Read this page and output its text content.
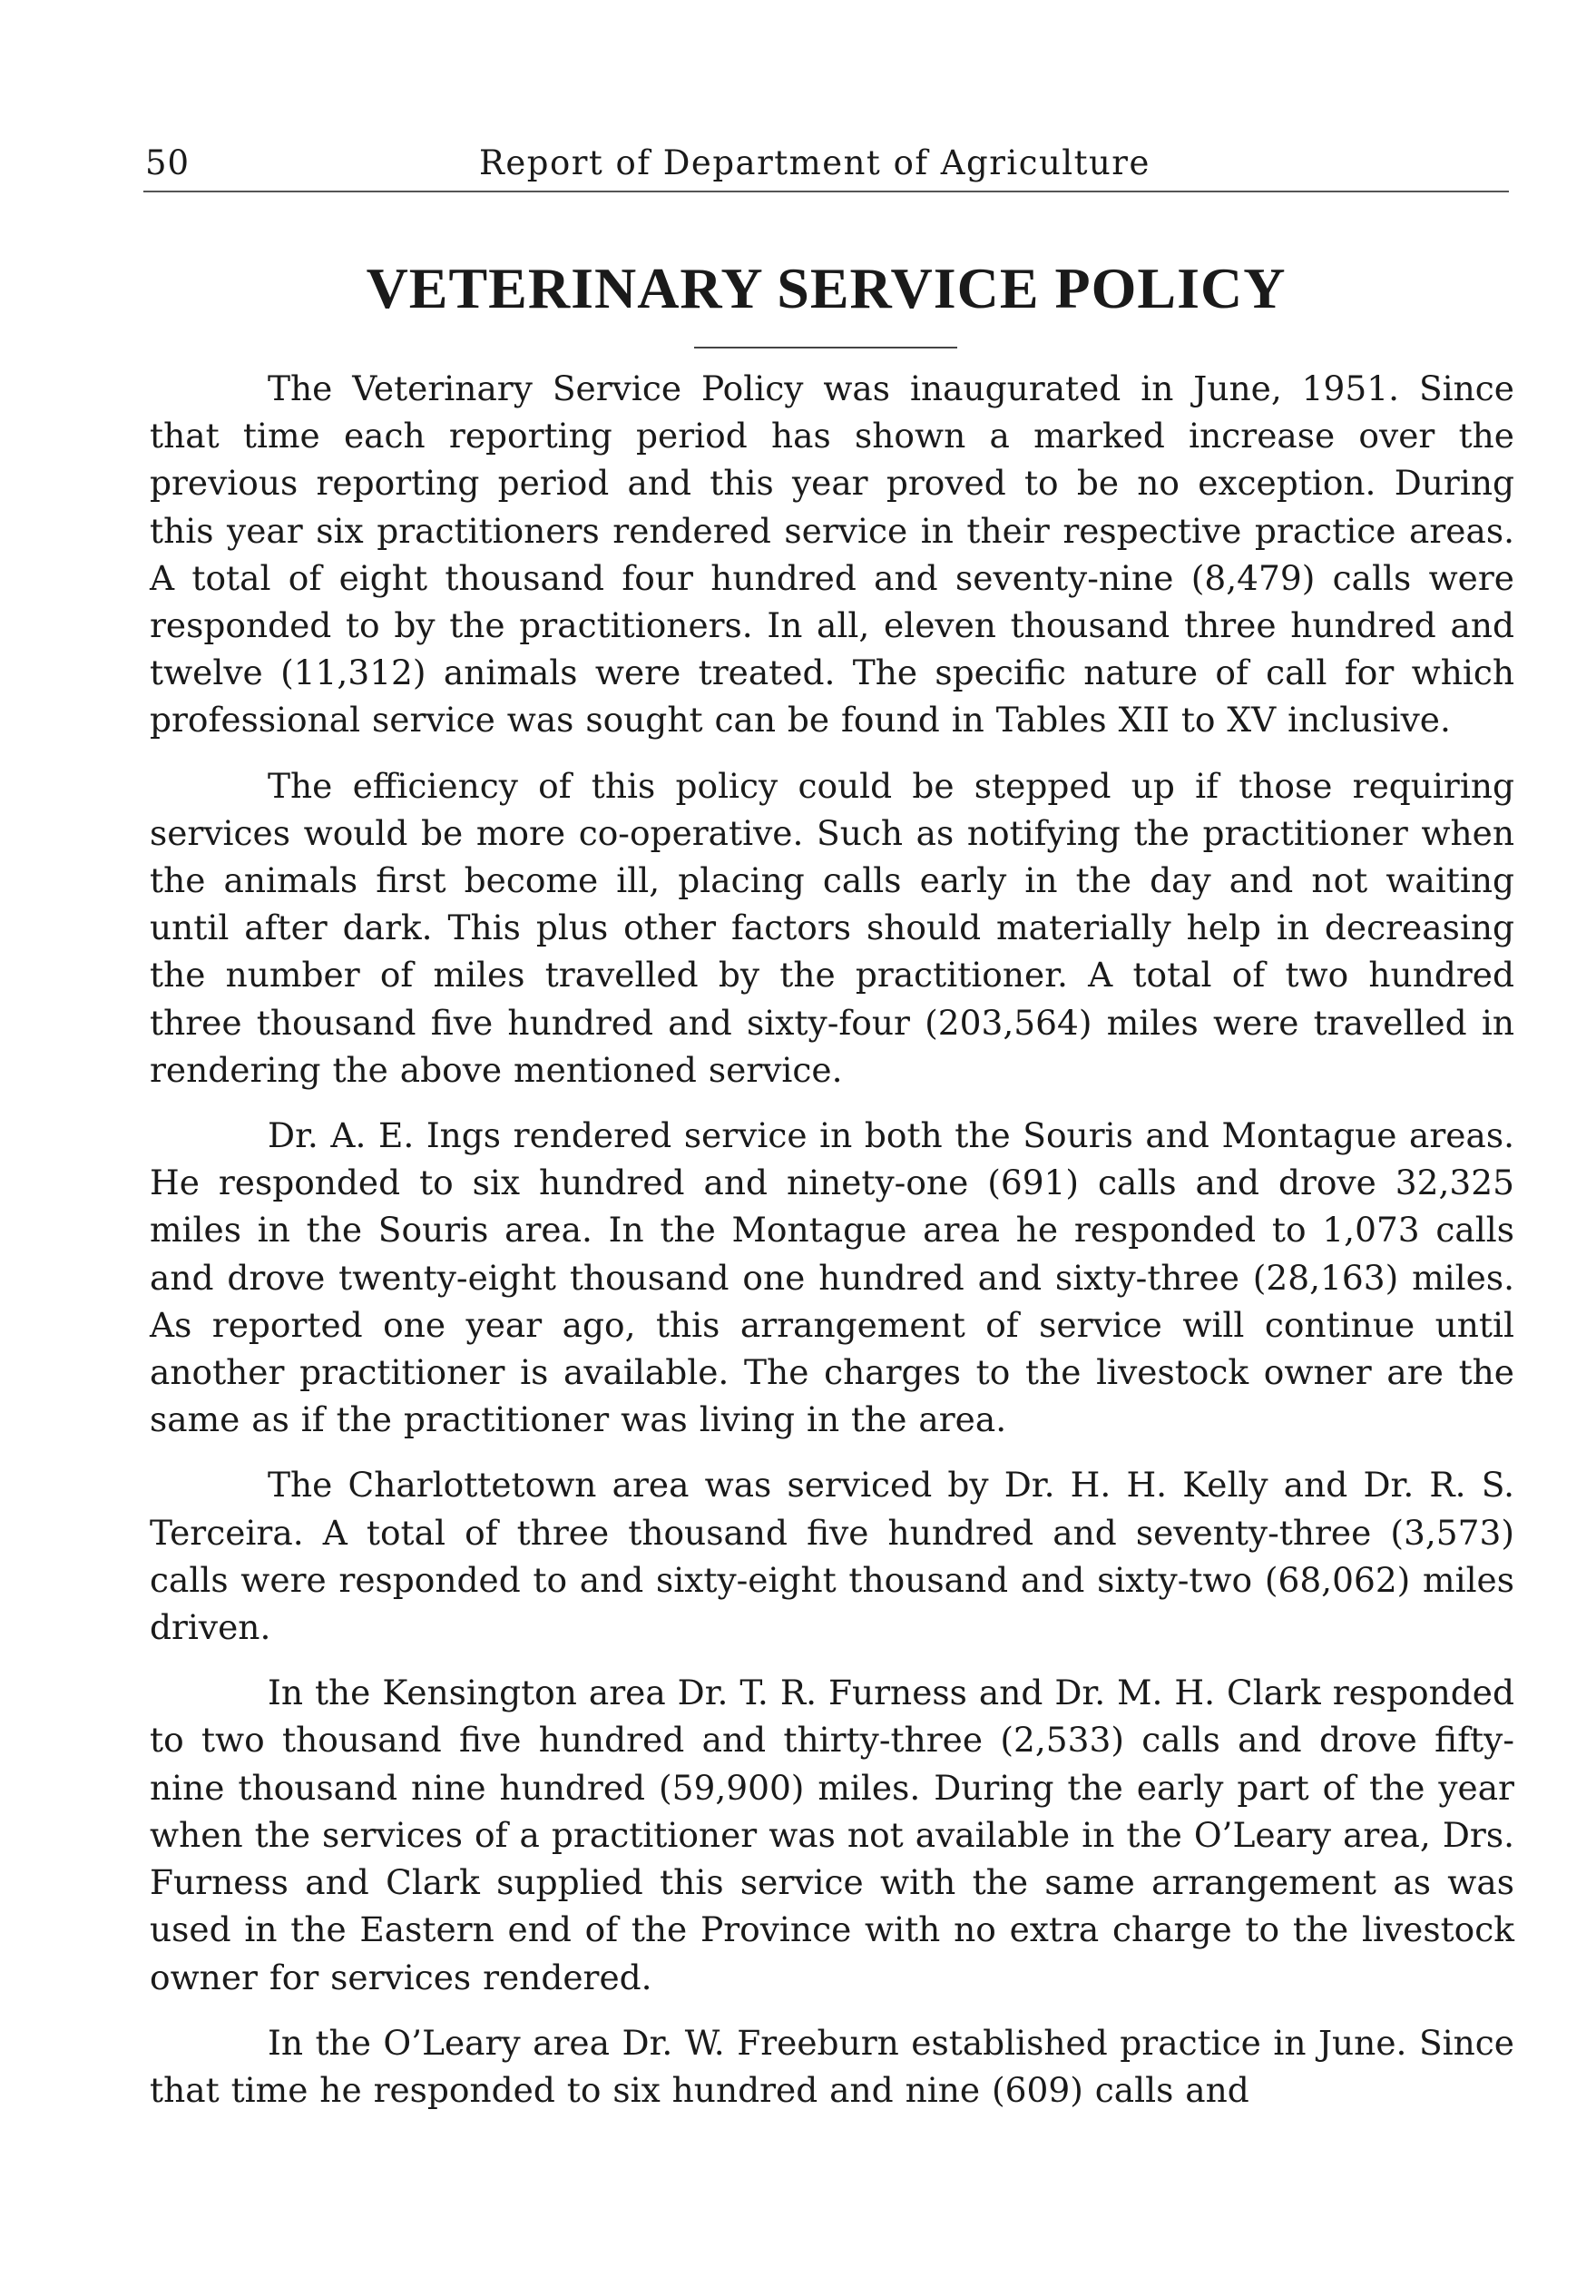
50	Report of Department of Agriculture
VETERINARY SERVICE POLICY

The Veterinary Service Policy was inaugurated in June, 1951. Since that time each reporting period has shown a marked increase over the previous reporting period and this year proved to be no exception. During this year six practitioners rendered service in their respective practice areas. A total of eight thousand four hundred and seventy-nine (8,479) calls were responded to by the practitioners. In all, eleven thousand three hundred and twelve (11,312) animals were treated. The specific nature of call for which professional service was sought can be found in Tables XII to XV inclusive.

The efficiency of this policy could be stepped up if those requiring services would be more co-operative. Such as notifying the practitioner when the animals first become ill, placing calls early in the day and not waiting until after dark. This plus other factors should materially help in decreasing the number of miles travelled by the practitioner. A total of two hundred three thousand five hundred and sixty-four (203,564) miles were travelled in rendering the above mentioned service.

Dr. A. E. Ings rendered service in both the Souris and Montague areas. He responded to six hundred and ninety-one (691) calls and drove 32,325 miles in the Souris area. In the Montague area he responded to 1,073 calls and drove twenty-eight thousand one hundred and sixty-three (28,163) miles. As reported one year ago, this arrangement of service will continue until another practitioner is available. The charges to the livestock owner are the same as if the practitioner was living in the area.

The Charlottetown area was serviced by Dr. H. H. Kelly and Dr. R. S. Terceira. A total of three thousand five hundred and seventy-three (3,573) calls were responded to and sixty-eight thousand and sixty-two (68,062) miles driven.

In the Kensington area Dr. T. R. Furness and Dr. M. H. Clark responded to two thousand five hundred and thirty-three (2,533) calls and drove fifty-nine thousand nine hundred (59,900) miles. During the early part of the year when the services of a practitioner was not available in the O’Leary area, Drs. Furness and Clark supplied this service with the same arrangement as was used in the Eastern end of the Province with no extra charge to the livestock owner for services rendered.

In the O’Leary area Dr. W. Freeburn established practice in June. Since that time he responded to six hundred and nine (609) calls and
